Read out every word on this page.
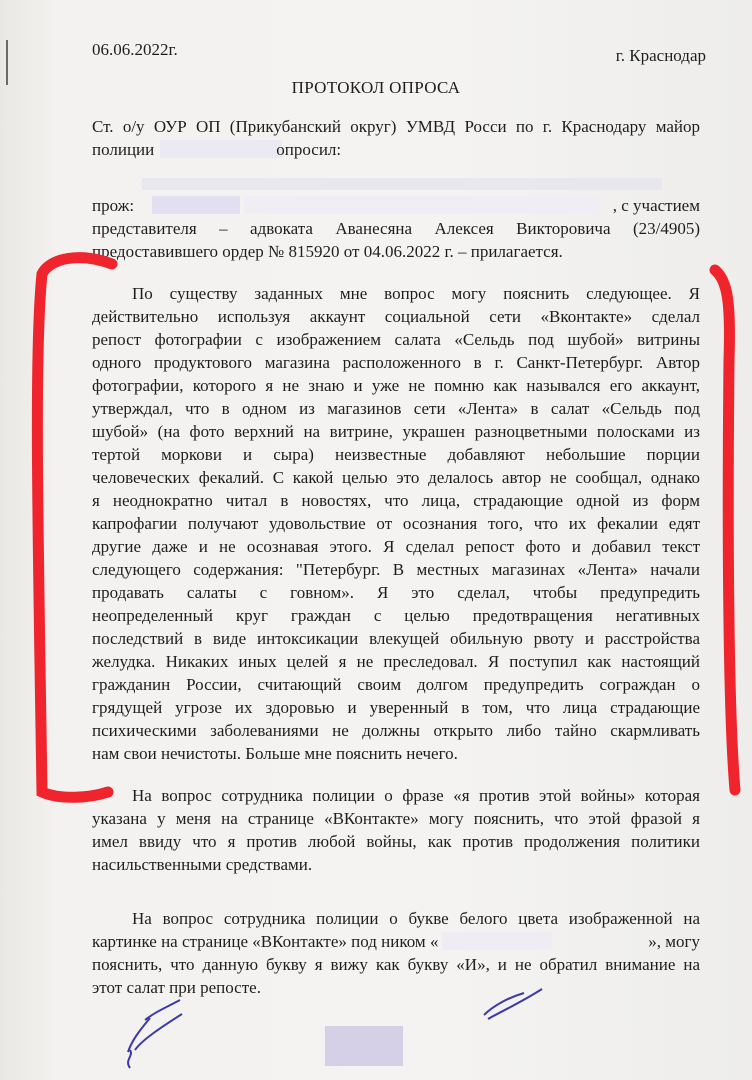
06.06.2022г.	г. Краснодар
ПРОТОКОЛ ОПРОСА
Ст. о/у ОУР ОП (Прикубанский округ) УМВД Росси по г. Краснодару майор
полиции	опросил:
прож:	, с участием
представителя – адвоката Аванесяна Алексея Викторовича (23/4905)
предоставившего ордер № 815920 от 04.06.2022 г. – прилагается.
По существу заданных мне вопрос могу пояснить следующее. Я
действительно используя аккаунт социальной сети «Вконтакте» сделал
репост фотографии с изображением салата «Сельдь под шубой» витрины
одного продуктового магазина расположенного в г. Санкт-Петербург. Автор
фотографии, которого я не знаю и уже не помню как назывался его аккаунт,
утверждал, что в одном из магазинов сети «Лента» в салат «Сельдь под
шубой» (на фото верхний на витрине, украшен разноцветными полосками из
тертой моркови и сыра) неизвестные добавляют небольшие порции
человеческих фекалий. С какой целью это делалось автор не сообщал, однако
я неоднократно читал в новостях, что лица, страдающие одной из форм
капрофагии получают удовольствие от осознания того, что их фекалии едят
другие даже и не осознавая этого. Я сделал репост фото и добавил текст
следующего содержания: "Петербург. В местных магазинах «Лента» начали
продавать салаты с говном». Я это сделал, чтобы предупредить
неопределенный круг граждан с целью предотвращения негативных
последствий в виде интоксикации влекущей обильную рвоту и расстройства
желудка. Никаких иных целей я не преследовал. Я поступил как настоящий
гражданин России, считающий своим долгом предупредить сограждан о
грядущей угрозе их здоровью и уверенный в том, что лица страдающие
психическими заболеваниями не должны открыто либо тайно скармливать
нам свои нечистоты. Больше мне пояснить нечего.
На вопрос сотрудника полиции о фразе «я против этой войны» которая
указана у меня на странице «ВКонтакте» могу пояснить, что этой фразой я
имел ввиду что я против любой войны, как против продолжения политики
насильственными средствами.
На вопрос сотрудника полиции о букве белого цвета изображенной на
картинке на странице «ВКонтакте» под ником «	», могу
пояснить, что данную букву я вижу как букву «И», и не обратил внимание на
этот салат при репосте.
